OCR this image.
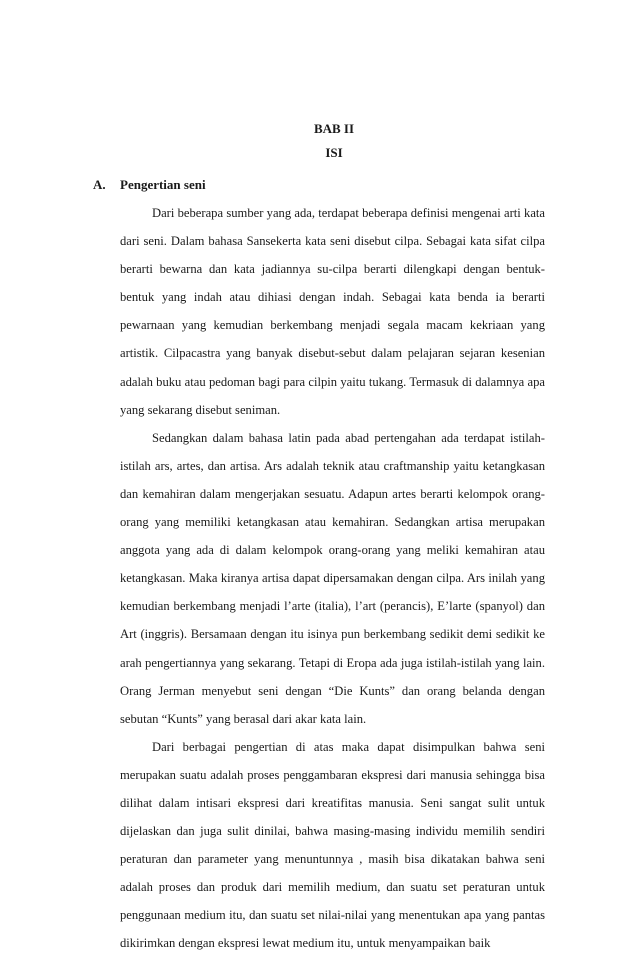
BAB II
ISI
A. Pengertian seni

Dari beberapa sumber yang ada, terdapat beberapa definisi mengenai arti kata dari seni. Dalam bahasa Sansekerta kata seni disebut cilpa. Sebagai kata sifat cilpa berarti bewarna dan kata jadiannya su-cilpa berarti dilengkapi dengan bentuk-bentuk yang indah atau dihiasi dengan indah. Sebagai kata benda ia berarti pewarnaan yang kemudian berkembang menjadi segala macam kekriaan yang artistik. Cilpacastra yang banyak disebut-sebut dalam pelajaran sejaran kesenian adalah buku atau pedoman bagi para cilpin yaitu tukang. Termasuk di dalamnya apa yang sekarang disebut seniman.

Sedangkan dalam bahasa latin pada abad pertengahan ada terdapat istilah-istilah ars, artes, dan artisa. Ars adalah teknik atau craftmanship yaitu ketangkasan dan kemahiran dalam mengerjakan sesuatu. Adapun artes berarti kelompok orang-orang yang memiliki ketangkasan atau kemahiran. Sedangkan artisa merupakan anggota yang ada di dalam kelompok orang-orang yang meliki kemahiran atau ketangkasan. Maka kiranya artisa dapat dipersamakan dengan cilpa. Ars inilah yang kemudian berkembang menjadi l’arte (italia), l’art (perancis), E’larte (spanyol) dan Art (inggris). Bersamaan dengan itu isinya pun berkembang sedikit demi sedikit ke arah pengertiannya yang sekarang. Tetapi di Eropa ada juga istilah-istilah yang lain. Orang Jerman menyebut seni dengan “Die Kunts” dan orang belanda dengan sebutan “Kunts” yang berasal dari akar kata lain.

Dari berbagai pengertian di atas maka dapat disimpulkan bahwa seni merupakan suatu adalah proses penggambaran ekspresi dari manusia sehingga bisa dilihat dalam intisari ekspresi dari kreatifitas manusia. Seni sangat sulit untuk dijelaskan dan juga sulit dinilai, bahwa masing-masing individu memilih sendiri peraturan dan parameter yang menuntunnya , masih bisa dikatakan bahwa seni adalah proses dan produk dari memilih medium, dan suatu set peraturan untuk penggunaan medium itu, dan suatu set nilai-nilai yang menentukan apa yang pantas dikirimkan dengan ekspresi lewat medium itu, untuk menyampaikan baik
